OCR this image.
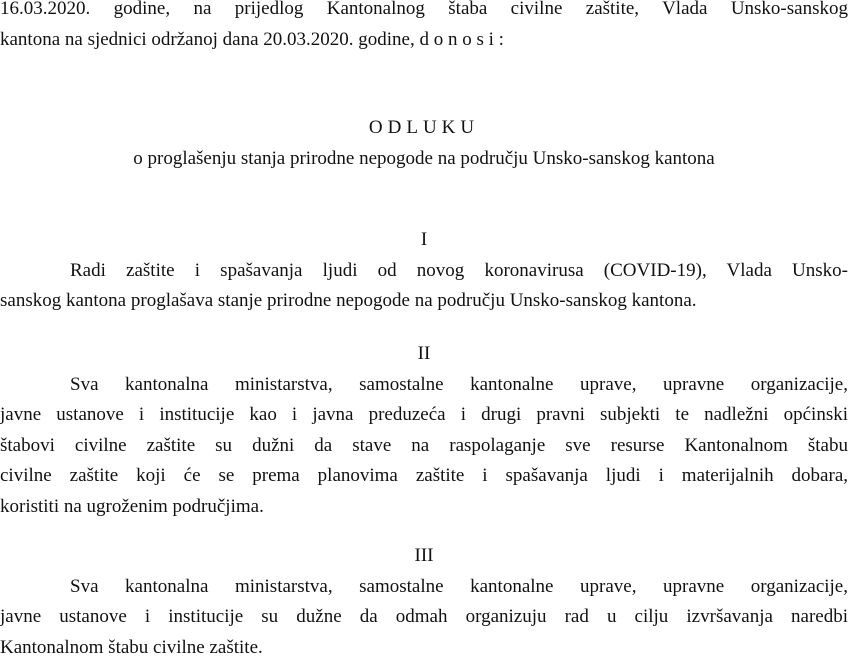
16.03.2020. godine, na prijedlog Kantonalnog štaba civilne zaštite, Vlada Unsko-sanskog
kantona na sjednici održanoj dana 20.03.2020. godine, d o n o s i :

ODLUKU

o proglašenju stanja prirodne nepogode na području Unsko-sanskog kantona

I

Radi zaštite i spašavanja ljudi od novog koronavirusa (COVID-19), Vlada Unsko-
sanskog kantona proglašava stanje prirodne nepogode na području Unsko-sanskog kantona.

II

Sva kantonalna ministarstva, samostalne kantonalne uprave, upravne organizacije,
javne ustanove i institucije kao i javna preduzeća i drugi pravni subjekti te nadležni općinski
štabovi civilne zaštite su dužni da stave na raspolaganje sve resurse Kantonalnom štabu
civilne zaštite koji će se prema planovima zaštite i spašavanja ljudi i materijalnih dobara,
koristiti na ugroženim područjima.

III

Sva kantonalna ministarstva, samostalne kantonalne uprave, upravne organizacije,
javne ustanove i institucije su dužne da odmah organizuju rad u cilju izvršavanja naredbi
Kantonalnom štabu civilne zaštite.
